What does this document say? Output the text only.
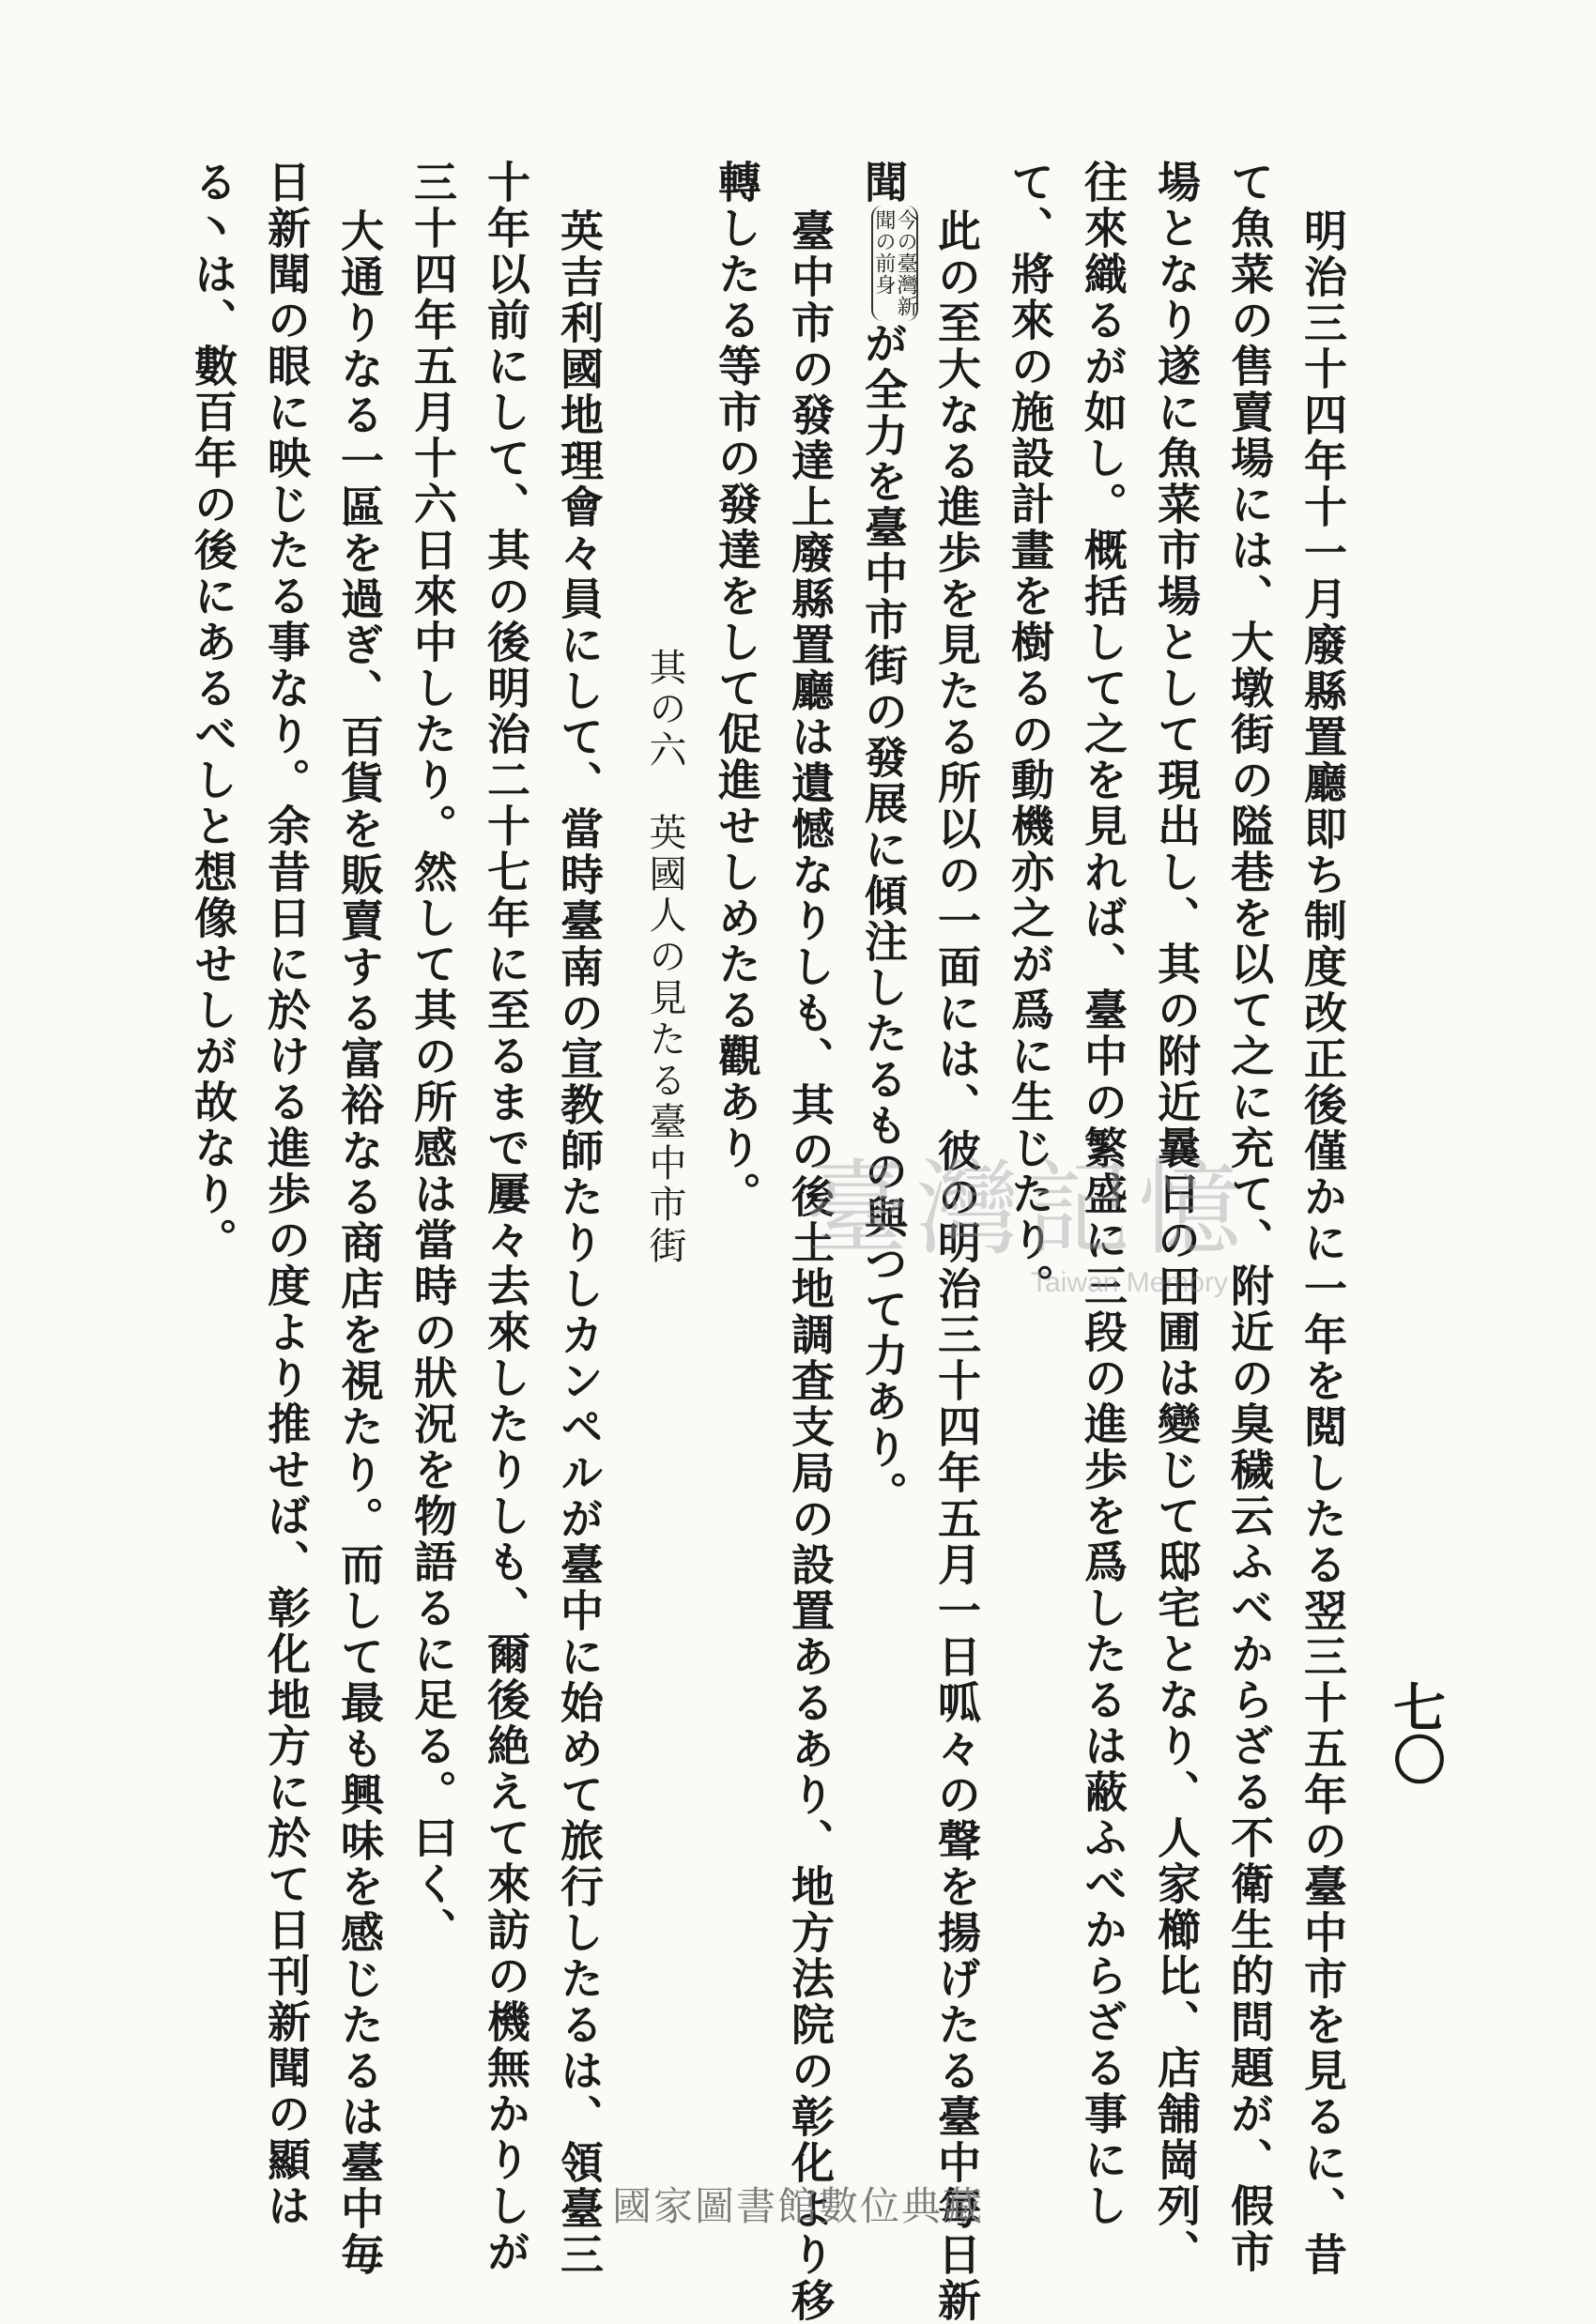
七〇
明治三十四年十一月廢縣置廳即ち制度改正後僅かに一年を閲したる翌三十五年の臺中市を見るに、昔
て魚菜の售賣場には、大墩街の隘巷を以て之に充て、附近の臭穢云ふべからざる不衛生的問題が、假市
場となり遂に魚菜市場として現出し、其の附近曩日の田圃は變じて邸宅となり、人家櫛比、店舗崗列、
往來織るが如し。概括して之を見れば、臺中の繁盛に三段の進歩を爲したるは蔽ふべからざる事にし
て、將來の施設計畫を樹るの動機亦之が爲に生じたり。
此の至大なる進歩を見たる所以の一面には、彼の明治三十四年五月一日呱々の聲を揚げたる臺中毎日新
聞今の臺灣新
聞の前身が全力を臺中市街の發展に傾注したるもの與つて力あり。
臺中市の發達上廢縣置廳は遺憾なりしも、其の後土地調査支局の設置あるあり、地方法院の彰化より移
轉したる等市の發達をして促進せしめたる觀あり。
其の六　英國人の見たる臺中市街
英吉利國地理會々員にして、當時臺南の宣教師たりしカンペルが臺中に始めて旅行したるは、領臺三
十年以前にして、其の後明治二十七年に至るまで屢々去來したりしも、爾後絶えて來訪の機無かりしが
三十四年五月十六日來中したり。然して其の所感は當時の狀況を物語るに足る。曰く、
大通りなる一區を過ぎ、百貨を販賣する富裕なる商店を視たり。而して最も興味を感じたるは臺中毎
日新聞の眼に映じたる事なり。余昔日に於ける進歩の度より推せば、彰化地方に於て日刊新聞の顯は
る丶は、數百年の後にあるべしと想像せしが故なり。	臺灣記憶
Taiwan Memory
國家圖書館數位典藏
